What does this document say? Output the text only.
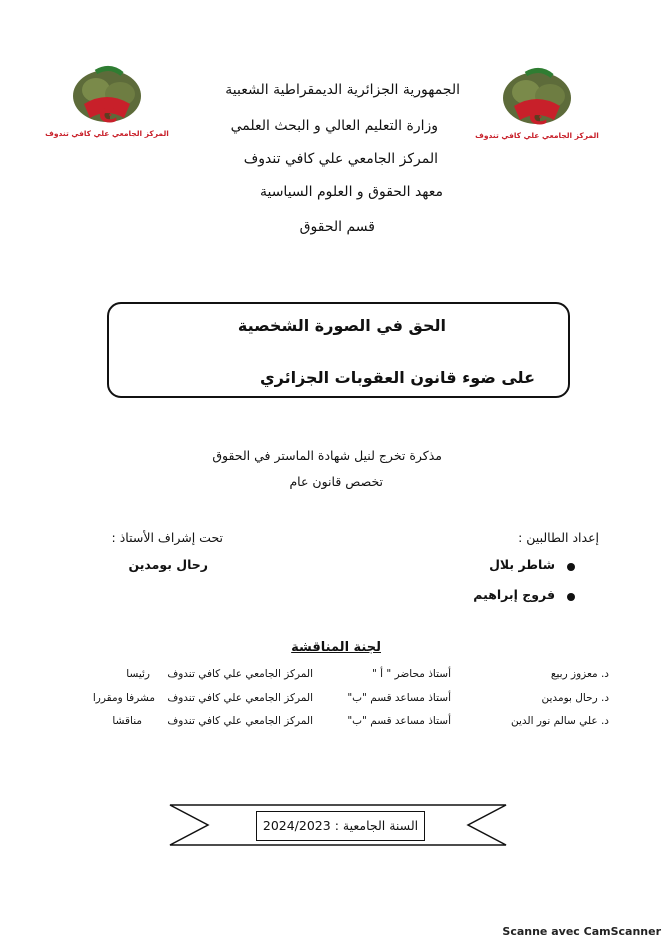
ج
المركز الجامعي علي كافي تندوف
ج
المركز الجامعي علي كافي تندوف
الجمهورية الجزائرية الديمقراطية الشعبية
وزارة التعليم العالي و البحث العلمي
المركز الجامعي علي كافي تندوف
معهد الحقوق و العلوم السياسية
قسم الحقوق
الحق في الصورة الشخصية
على ضوء قانون العقوبات الجزائري
مذكرة تخرج لنيل شهادة الماستر في الحقوق
تخصص قانون عام
إعداد الطالبين :
تحت إشراف الأستاذ :
شاطر بلال
فروج إبراهيم
رحال بومدين
لجنة المناقشة
د. معزوز ربيع
أستاذ محاضر " أ "
المركز الجامعي علي كافي تندوف
رئيسا
د. رحال بومدين
أستاذ مساعد قسم "ب"
المركز الجامعي علي كافي تندوف
مشرفا ومقررا
د. علي سالم نور الدين
أستاذ مساعد قسم "ب"
المركز الجامعي علي كافي تندوف
مناقشا
السنة الجامعية : 2024/2023
Scanne avec CamScanner
